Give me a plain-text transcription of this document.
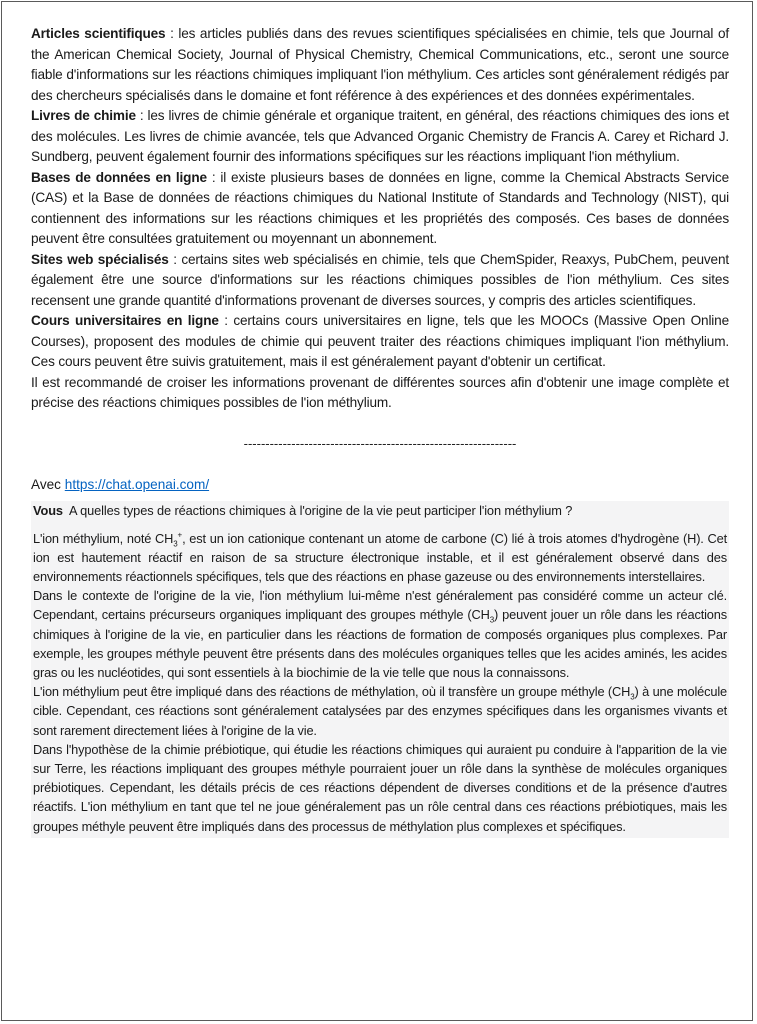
Articles scientifiques : les articles publiés dans des revues scientifiques spécialisées en chimie, tels que Journal of the American Chemical Society, Journal of Physical Chemistry, Chemical Communications, etc., seront une source fiable d'informations sur les réactions chimiques impliquant l'ion méthylium. Ces articles sont généralement rédigés par des chercheurs spécialisés dans le domaine et font référence à des expériences et des données expérimentales.

Livres de chimie : les livres de chimie générale et organique traitent, en général, des réactions chimiques des ions et des molécules. Les livres de chimie avancée, tels que Advanced Organic Chemistry de Francis A. Carey et Richard J. Sundberg, peuvent également fournir des informations spécifiques sur les réactions impliquant l'ion méthylium.

Bases de données en ligne : il existe plusieurs bases de données en ligne, comme la Chemical Abstracts Service (CAS) et la Base de données de réactions chimiques du National Institute of Standards and Technology (NIST), qui contiennent des informations sur les réactions chimiques et les propriétés des composés. Ces bases de données peuvent être consultées gratuitement ou moyennant un abonnement.

Sites web spécialisés : certains sites web spécialisés en chimie, tels que ChemSpider, Reaxys, PubChem, peuvent également être une source d'informations sur les réactions chimiques possibles de l'ion méthylium. Ces sites recensent une grande quantité d'informations provenant de diverses sources, y compris des articles scientifiques.

Cours universitaires en ligne : certains cours universitaires en ligne, tels que les MOOCs (Massive Open Online Courses), proposent des modules de chimie qui peuvent traiter des réactions chimiques impliquant l'ion méthylium. Ces cours peuvent être suivis gratuitement, mais il est généralement payant d'obtenir un certificat.

Il est recommandé de croiser les informations provenant de différentes sources afin d'obtenir une image complète et précise des réactions chimiques possibles de l'ion méthylium.

---------------------------------------------------------------
Avec https://chat.openai.com/
Vous A quelles types de réactions chimiques à l'origine de la vie peut participer l'ion méthylium ?

L'ion méthylium, noté $CH_3^+$, est un ion cationique contenant un atome de carbone (C) lié à trois atomes d'hydrogène (H). Cet ion est hautement réactif en raison de sa structure électronique instable, et il est généralement observé dans des environnements réactionnels spécifiques, tels que des réactions en phase gazeuse ou des environnements interstellaires.

Dans le contexte de l'origine de la vie, l'ion méthylium lui-même n'est généralement pas considéré comme un acteur clé. Cependant, certains précurseurs organiques impliquant des groupes méthyle $(CH_3)$ peuvent jouer un rôle dans les réactions chimiques à l'origine de la vie, en particulier dans les réactions de formation de composés organiques plus complexes. Par exemple, les groupes méthyle peuvent être présents dans des molécules organiques telles que les acides aminés, les acides gras ou les nucléotides, qui sont essentiels à la biochimie de la vie telle que nous la connaissons.

L'ion méthylium peut être impliqué dans des réactions de méthylation, où il transfère un groupe méthyle $(CH_3)$ à une molécule cible. Cependant, ces réactions sont généralement catalysées par des enzymes spécifiques dans les organismes vivants et sont rarement directement liées à l'origine de la vie.

Dans l'hypothèse de la chimie prébiotique, qui étudie les réactions chimiques qui auraient pu conduire à l'apparition de la vie sur Terre, les réactions impliquant des groupes méthyle pourraient jouer un rôle dans la synthèse de molécules organiques prébiotiques. Cependant, les détails précis de ces réactions dépendent de diverses conditions et de la présence d'autres réactifs. L'ion méthylium en tant que tel ne joue généralement pas un rôle central dans ces réactions prébiotiques, mais les groupes méthyle peuvent être impliqués dans des processus de méthylation plus complexes et spécifiques.
